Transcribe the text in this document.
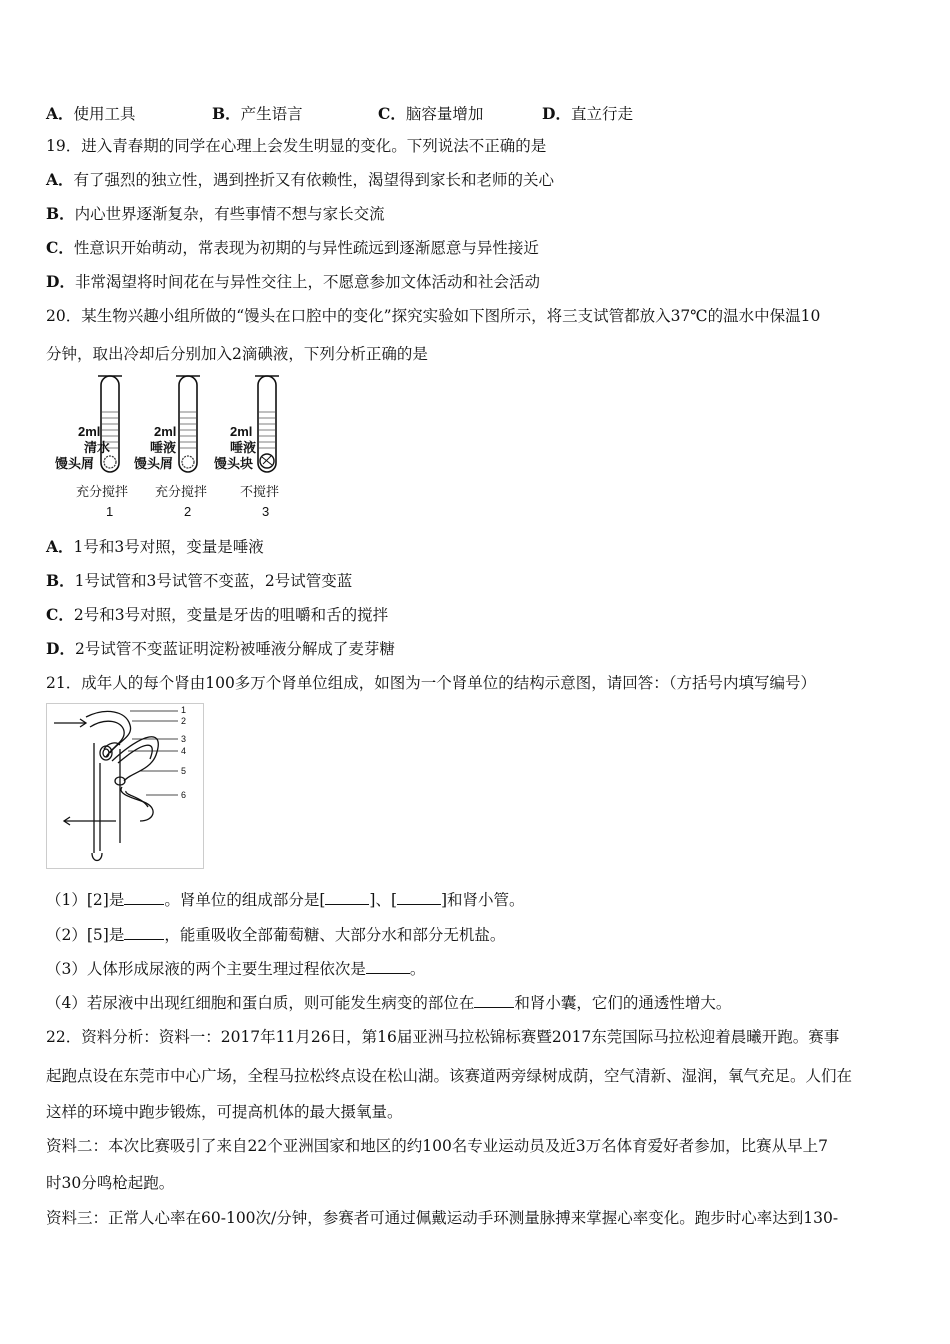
A．使用工具	B．产生语言	C．脑容量增加	D．直立行走
19．进入青春期的同学在心理上会发生明显的变化。下列说法不正确的是
A．有了强烈的独立性，遇到挫折又有依赖性，渴望得到家长和老师的关心
B．内心世界逐渐复杂，有些事情不想与家长交流
C．性意识开始萌动，常表现为初期的与异性疏远到逐渐愿意与异性接近
D．非常渴望将时间花在与异性交往上，不愿意参加文体活动和社会活动
20．某生物兴趣小组所做的“馒头在口腔中的变化”探究实验如下图所示，将三支试管都放入37℃的温水中保温10
分钟，取出冷却后分别加入2滴碘液，下列分析正确的是
2ml
清水
馒头屑
充分搅拌
1
2ml
唾液
馒头屑
充分搅拌
2
2ml
唾液
馒头块
不搅拌
3
A．1号和3号对照，变量是唾液
B．1号试管和3号试管不变蓝，2号试管变蓝
C．2号和3号对照，变量是牙齿的咀嚼和舌的搅拌
D．2号试管不变蓝证明淀粉被唾液分解成了麦芽糖
21．成年人的每个肾由100多万个肾单位组成，如图为一个肾单位的结构示意图，请回答：（方括号内填写编号）
1
2
3
4
5
6
（1）[2]是	。肾单位的组成部分是[	]、[	]和肾小管。
（2）[5]是	，能重吸收全部葡萄糖、大部分水和部分无机盐。
（3）人体形成尿液的两个主要生理过程依次是	。
（4）若尿液中出现红细胞和蛋白质，则可能发生病变的部位在	和肾小囊，它们的通透性增大。
22．资料分析：资料一：2017年11月26日，第16届亚洲马拉松锦标赛暨2017东莞国际马拉松迎着晨曦开跑。赛事
起跑点设在东莞市中心广场，全程马拉松终点设在松山湖。该赛道两旁绿树成荫，空气清新、湿润，氧气充足。人们在
这样的环境中跑步锻炼，可提高机体的最大摄氧量。
资料二：本次比赛吸引了来自22个亚洲国家和地区的约100名专业运动员及近3万名体育爱好者参加，比赛从早上7
时30分鸣枪起跑。
资料三：正常人心率在60-100次/分钟，参赛者可通过佩戴运动手环测量脉搏来掌握心率变化。跑步时心率达到130-
